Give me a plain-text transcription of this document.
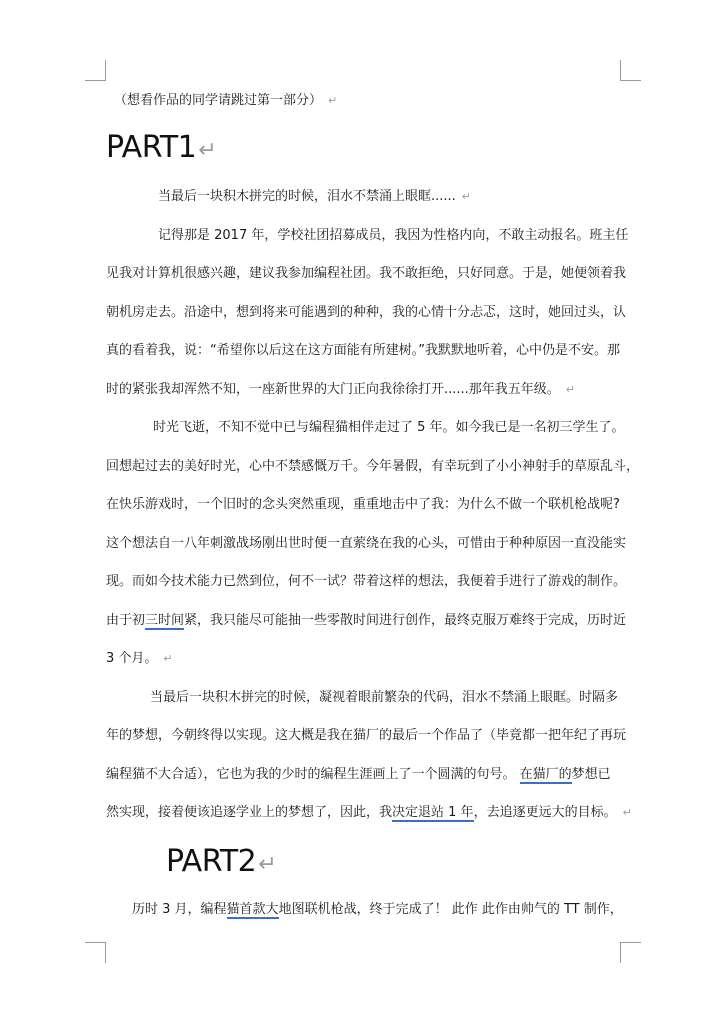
（想看作品的同学请跳过第一部分） ↵
PART1↵
当最后一块积木拼完的时候，泪水不禁涌上眼眶...... ↵
记得那是 2017 年，学校社团招募成员，我因为性格内向，不敢主动报名。班主任
见我对计算机很感兴趣，建议我参加编程社团。我不敢拒绝，只好同意。于是，她便领着我
朝机房走去。沿途中，想到将来可能遇到的种种，我的心情十分忐忑，这时，她回过头，认
真的看着我，说：“希望你以后这在这方面能有所建树。”我默默地听着，心中仍是不安。那
时的紧张我却浑然不知，一座新世界的大门正向我徐徐打开......那年我五年级。 ↵
时光飞逝，不知不觉中已与编程猫相伴走过了 5 年。如今我已是一名初三学生了。
回想起过去的美好时光，心中不禁感慨万千。今年暑假，有幸玩到了小小神射手的草原乱斗，
在快乐游戏时，一个旧时的念头突然重现，重重地击中了我：为什么不做一个联机枪战呢?
这个想法自一八年刺激战场刚出世时便一直萦绕在我的心头，可惜由于种种原因一直没能实
现。而如今技术能力已然到位，何不一试？带着这样的想法，我便着手进行了游戏的制作。
由于初三时间紧，我只能尽可能抽一些零散时间进行创作，最终克服万难终于完成，历时近
3 个月。 ↵
当最后一块积木拼完的时候，凝视着眼前繁杂的代码，泪水不禁涌上眼眶。时隔多
年的梦想，今朝终得以实现。这大概是我在猫厂的最后一个作品了（毕竟都一把年纪了再玩
编程猫不大合适），它也为我的少时的编程生涯画上了一个圆满的句号。 在猫厂的梦想已
然实现，接着便该追逐学业上的梦想了，因此，我决定退站 1 年，去追逐更远大的目标。 ↵
PART2↵
历时 3 月，编程猫首款大地图联机枪战，终于完成了！ 此作 此作由帅气的 TT 制作，
